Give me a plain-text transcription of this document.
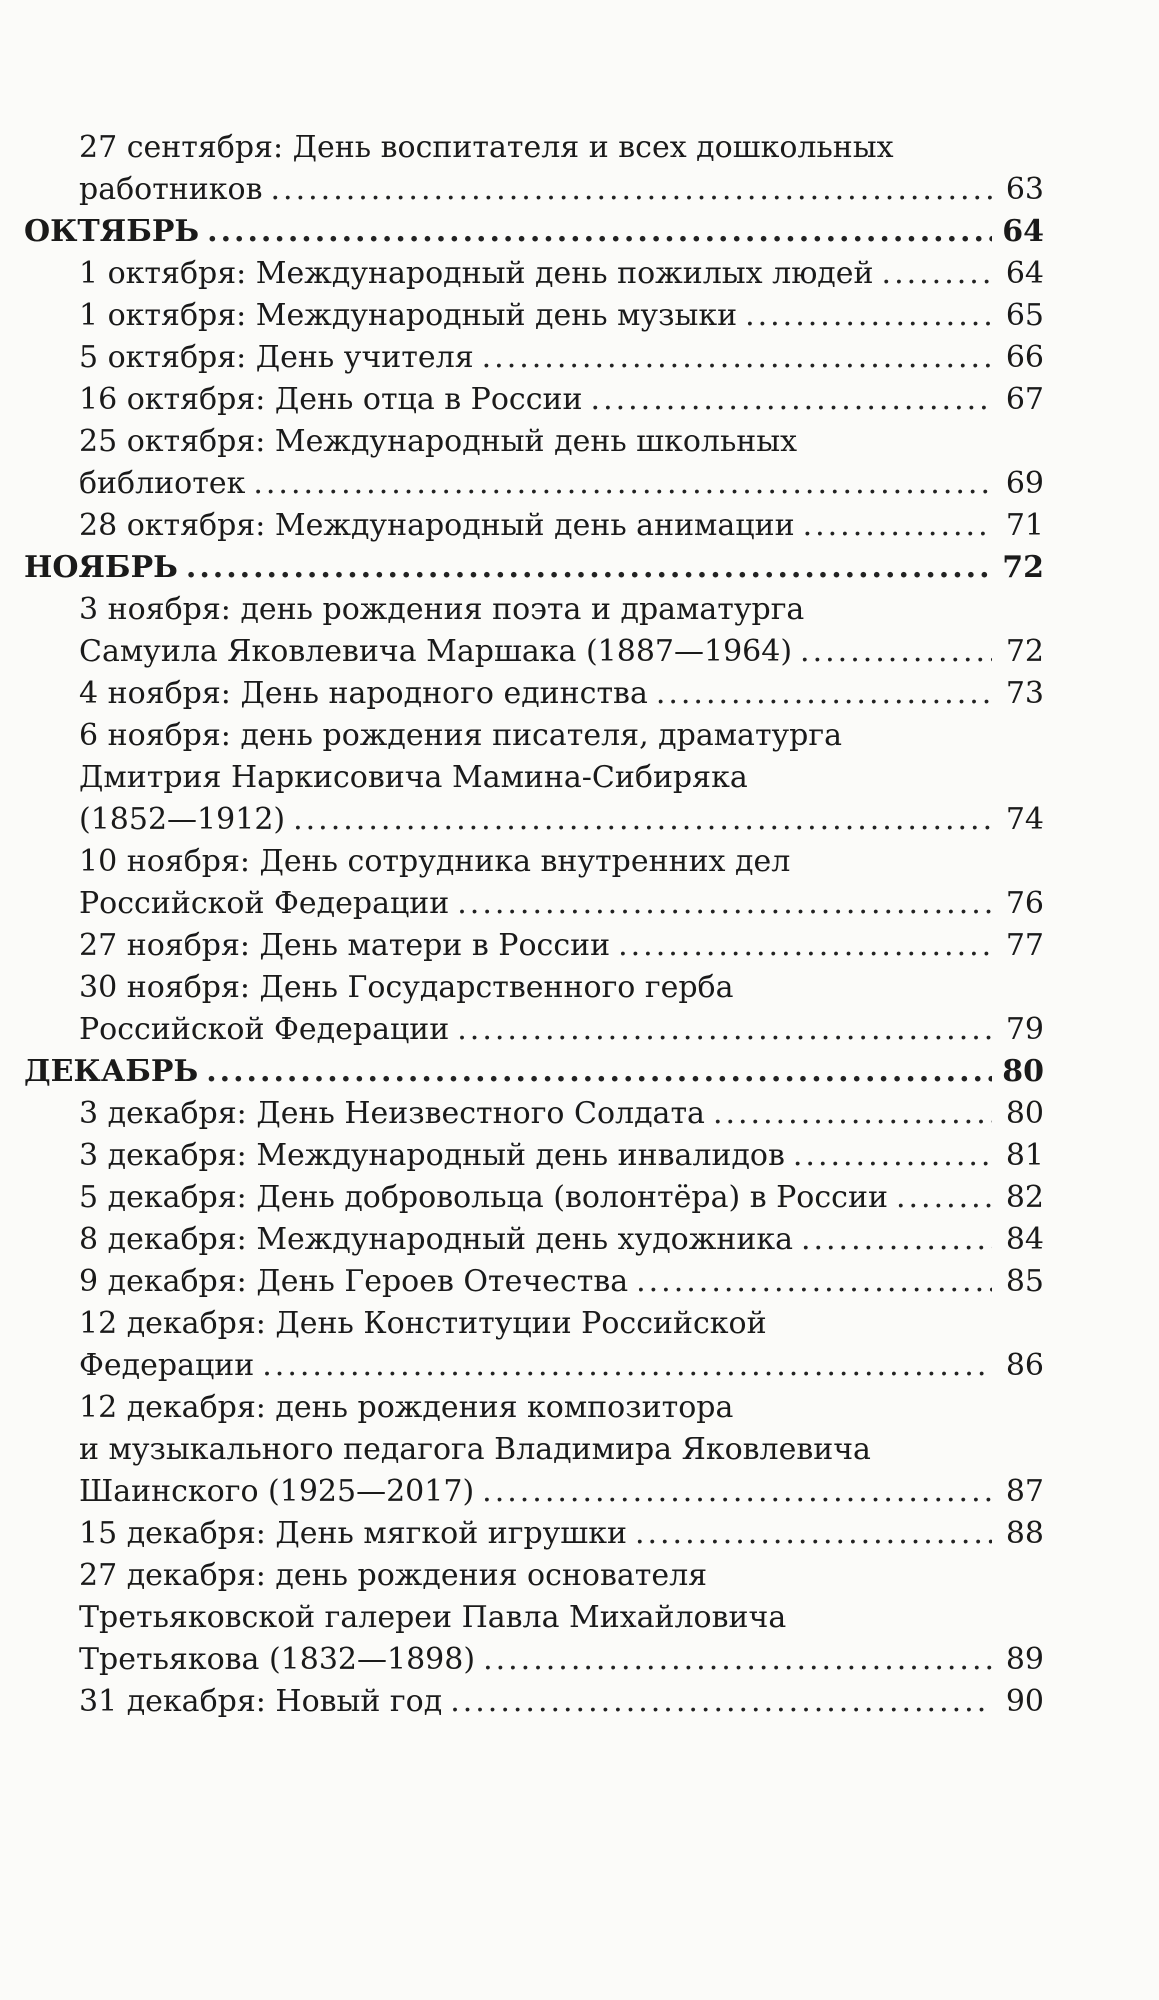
27 сентября: День воспитателя и всех дошкольных
работников .....	63
ОКТЯБРЬ .....	64
1 октября: Международный день пожилых людей .....	64
1 октября: Международный день музыки .....	65
5 октября: День учителя .....	66
16 октября: День отца в России .....	67
25 октября: Международный день школьных
библиотек .....	69
28 октября: Международный день анимации .....	71
НОЯБРЬ .....	72
3 ноября: день рождения поэта и драматурга
Самуила Яковлевича Маршака (1887—1964) .....	72
4 ноября: День народного единства .....	73
6 ноября: день рождения писателя, драматурга
Дмитрия Наркисовича Мамина-Сибиряка
(1852—1912) .....	74
10 ноября: День сотрудника внутренних дел
Российской Федерации .....	76
27 ноября: День матери в России .....	77
30 ноября: День Государственного герба
Российской Федерации .....	79
ДЕКАБРЬ .....	80
3 декабря: День Неизвестного Солдата .....	80
3 декабря: Международный день инвалидов .....	81
5 декабря: День добровольца (волонтёра) в России .....	82
8 декабря: Международный день художника .....	84
9 декабря: День Героев Отечества .....	85
12 декабря: День Конституции Российской
Федерации .....	86
12 декабря: день рождения композитора
и музыкального педагога Владимира Яковлевича
Шаинского (1925—2017) .....	87
15 декабря: День мягкой игрушки .....	88
27 декабря: день рождения основателя
Третьяковской галереи Павла Михайловича
Третьякова (1832—1898) .....	89
31 декабря: Новый год .....	90
